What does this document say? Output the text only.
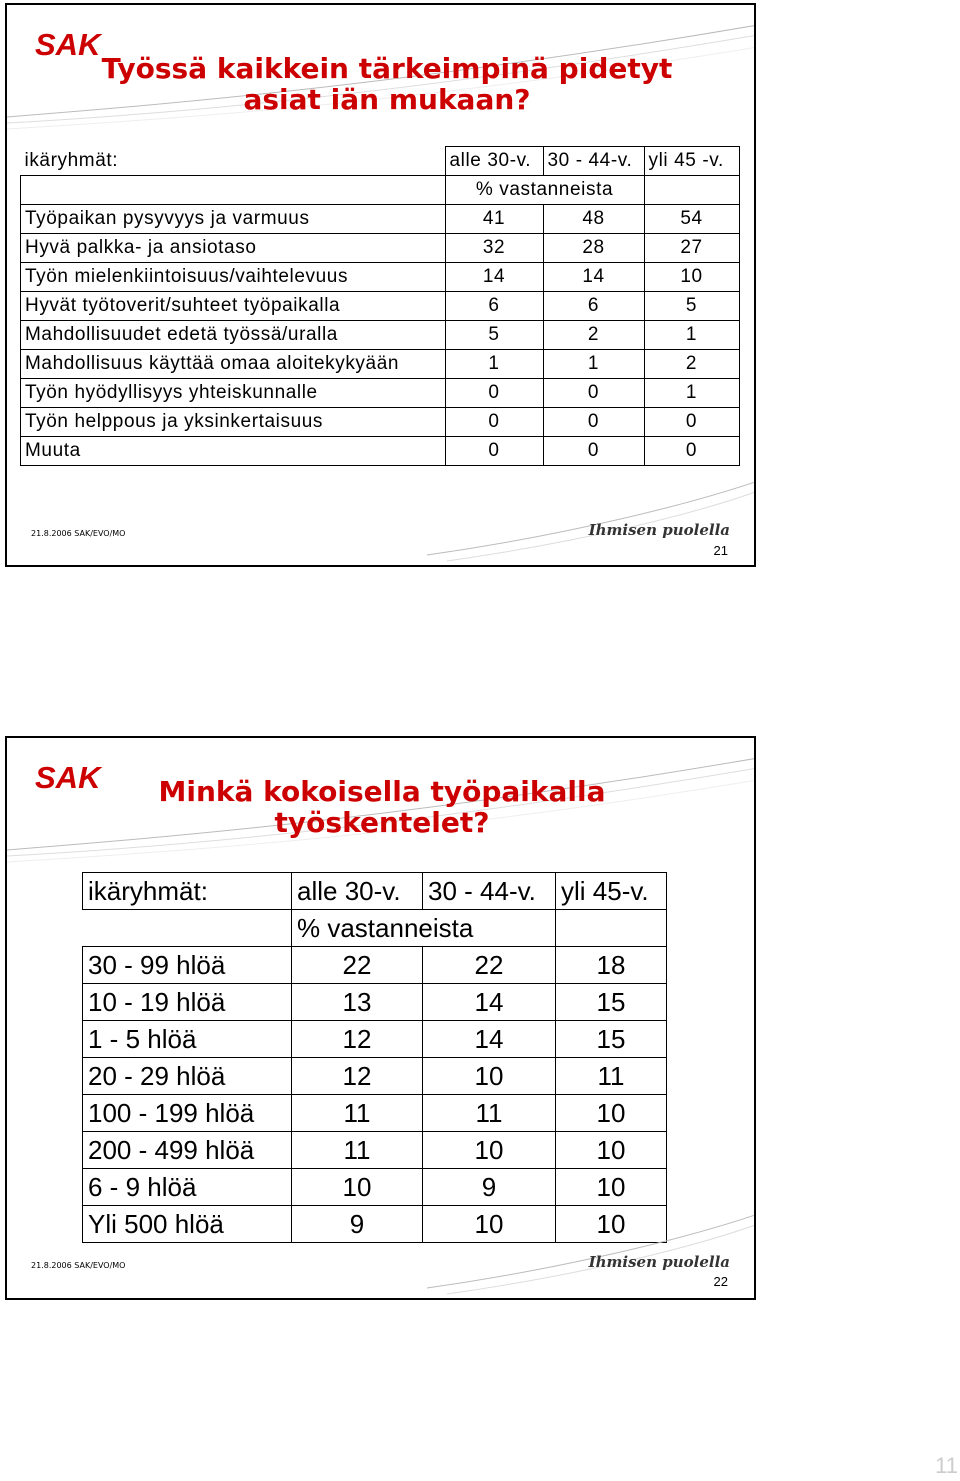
SAK
Työssä kaikkein tärkeimpinä pidetyt asiat iän mukaan?
ikäryhmät:	alle 30-v.	30 - 44-v.	yli 45 -v.
	% vastanneista		
Työpaikan pysyvyys ja varmuus	41	48	54
Hyvä palkka- ja ansiotaso	32	28	27
Työn mielenkiintoisuus/vaihtelevuus	14	14	10
Hyvät työtoverit/suhteet työpaikalla	6	6	5
Mahdollisuudet edetä työssä/uralla	5	2	1
Mahdollisuus käyttää omaa aloitekykyään	1	1	2
Työn hyödyllisyys yhteiskunnalle	0	0	1
Työn helppous ja yksinkertaisuus	0	0	0
Muuta	0	0	0
21.8.2006 SAK/EVO/MO	Ihmisen puolella
21
SAK	Minkä kokoisella työpaikalla työskentelet?
ikäryhmät:	alle 30-v.	30 - 44-v.	yli 45-v.
	% vastanneista		
30 - 99 hlöä	22	22	18
10 - 19 hlöä	13	14	15
1 - 5 hlöä	12	14	15
20 - 29 hlöä	12	10	11
100 - 199 hlöä	11	11	10
200 - 499 hlöä	11	10	10
6 - 9 hlöä	10	9	10
Yli 500 hlöä	9	10	10
21.8.2006 SAK/EVO/MO	Ihmisen puolella
22
11
